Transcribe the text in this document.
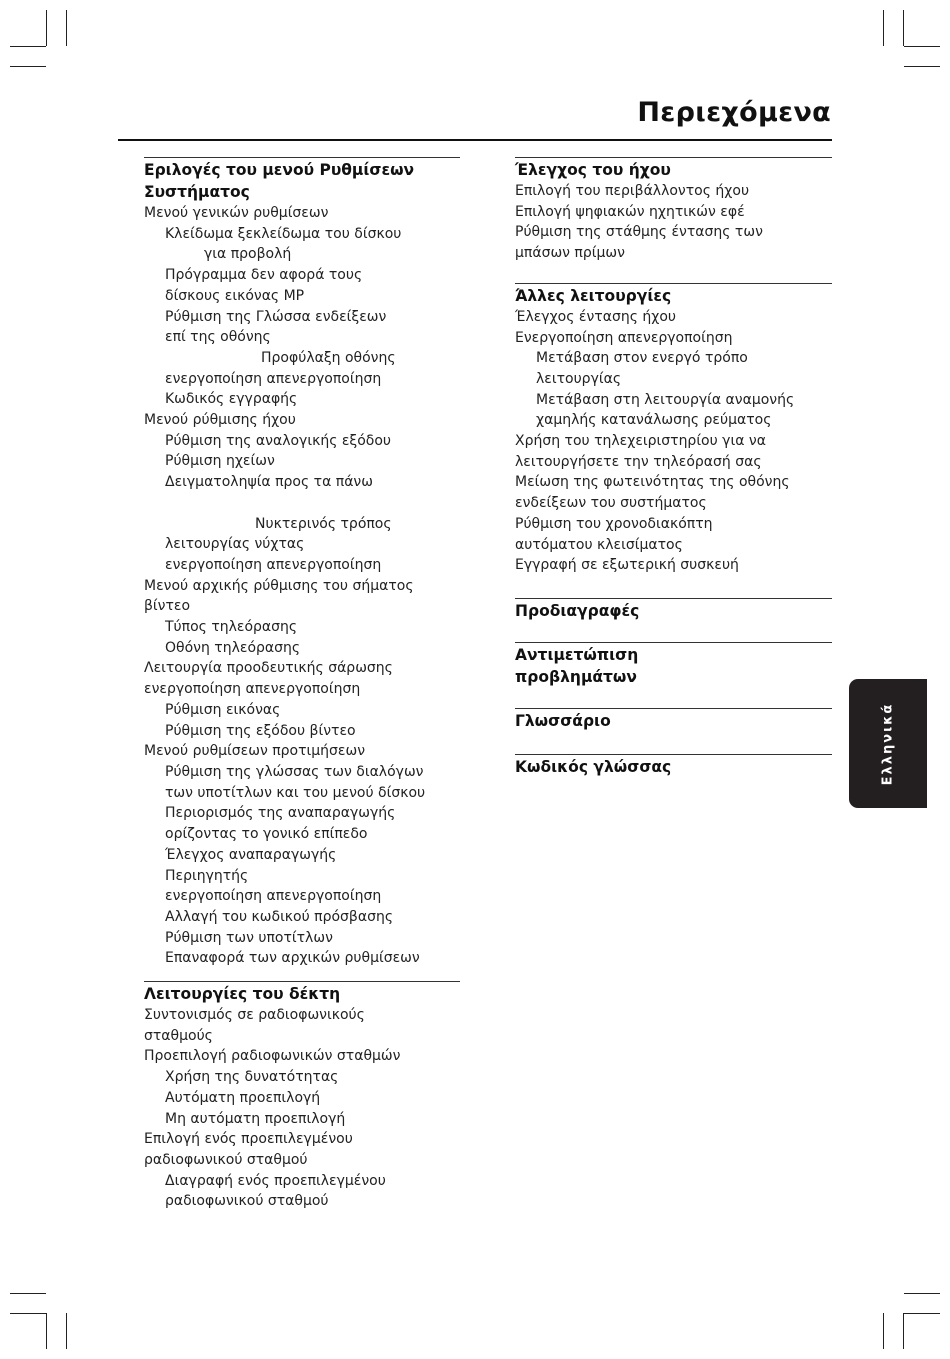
Περιεχόμενα
Εριλογές του μενού Ρυθμίσεων
Συστήματος
Μενού γενικών ρυθμίσεων
Κλείδωμα ξεκλείδωμα του δίσκου
για προβολή
Πρόγραμμα δεν αφορά τους
δίσκους εικόνας MP
Ρύθμιση της Γλώσσα ενδείξεων
επί της οθόνης
Προφύλαξη οθόνης
ενεργοποίηση απενεργοποίηση
Κωδικός εγγραφής
Μενού ρύθμισης ήχου
Ρύθμιση της αναλογικής εξόδου
Ρύθμιση ηχείων
Δειγματοληψία προς τα πάνω

Νυκτερινός τρόπος
λειτουργίας νύχτας
ενεργοποίηση απενεργοποίηση
Μενού αρχικής ρύθμισης του σήματος
βίντεο
Τύπος τηλεόρασης
Οθόνη τηλεόρασης
Λειτουργία προοδευτικής σάρωσης
ενεργοποίηση απενεργοποίηση
Ρύθμιση εικόνας
Ρύθμιση της εξόδου βίντεο
Μενού ρυθμίσεων προτιμήσεων
Ρύθμιση της γλώσσας των διαλόγων
των υποτίτλων και του μενού δίσκου
Περιορισμός της αναπαραγωγής
ορίζοντας το γονικό επίπεδο
Έλεγχος αναπαραγωγής
Περιηγητής
ενεργοποίηση απενεργοποίηση
Αλλαγή του κωδικού πρόσβασης
Ρύθμιση των υποτίτλων
Επαναφορά των αρχικών ρυθμίσεων
Λειτουργίες του δέκτη
Συντονισμός σε ραδιοφωνικούς
σταθμούς
Προεπιλογή ραδιοφωνικών σταθμών
Χρήση της δυνατότητας
Αυτόματη προεπιλογή
Μη αυτόματη προεπιλογή
Επιλογή ενός προεπιλεγμένου
ραδιοφωνικού σταθμού
Διαγραφή ενός προεπιλεγμένου
ραδιοφωνικού σταθμού
Έλεγχος του ήχου
Επιλογή του περιβάλλοντος ήχου
Επιλογή ψηφιακών ηχητικών εφέ
Ρύθμιση της στάθμης έντασης των
μπάσων πρίμων
Άλλες λειτουργίες
Έλεγχος έντασης ήχου
Ενεργοποίηση απενεργοποίηση
Μετάβαση στον ενεργό τρόπο
λειτουργίας
Μετάβαση στη λειτουργία αναμονής
χαμηλής κατανάλωσης ρεύματος
Χρήση του τηλεχειριστηρίου για να
λειτουργήσετε την τηλεόρασή σας
Μείωση της φωτεινότητας της οθόνης
ενδείξεων του συστήματος
Ρύθμιση του χρονοδιακόπτη
αυτόματου κλεισίματος
Εγγραφή σε εξωτερική συσκευή
Προδιαγραφές
Αντιμετώπιση
προβλημάτων
Γλωσσάριο
Κωδικός γλώσσας	Ελληνικά
